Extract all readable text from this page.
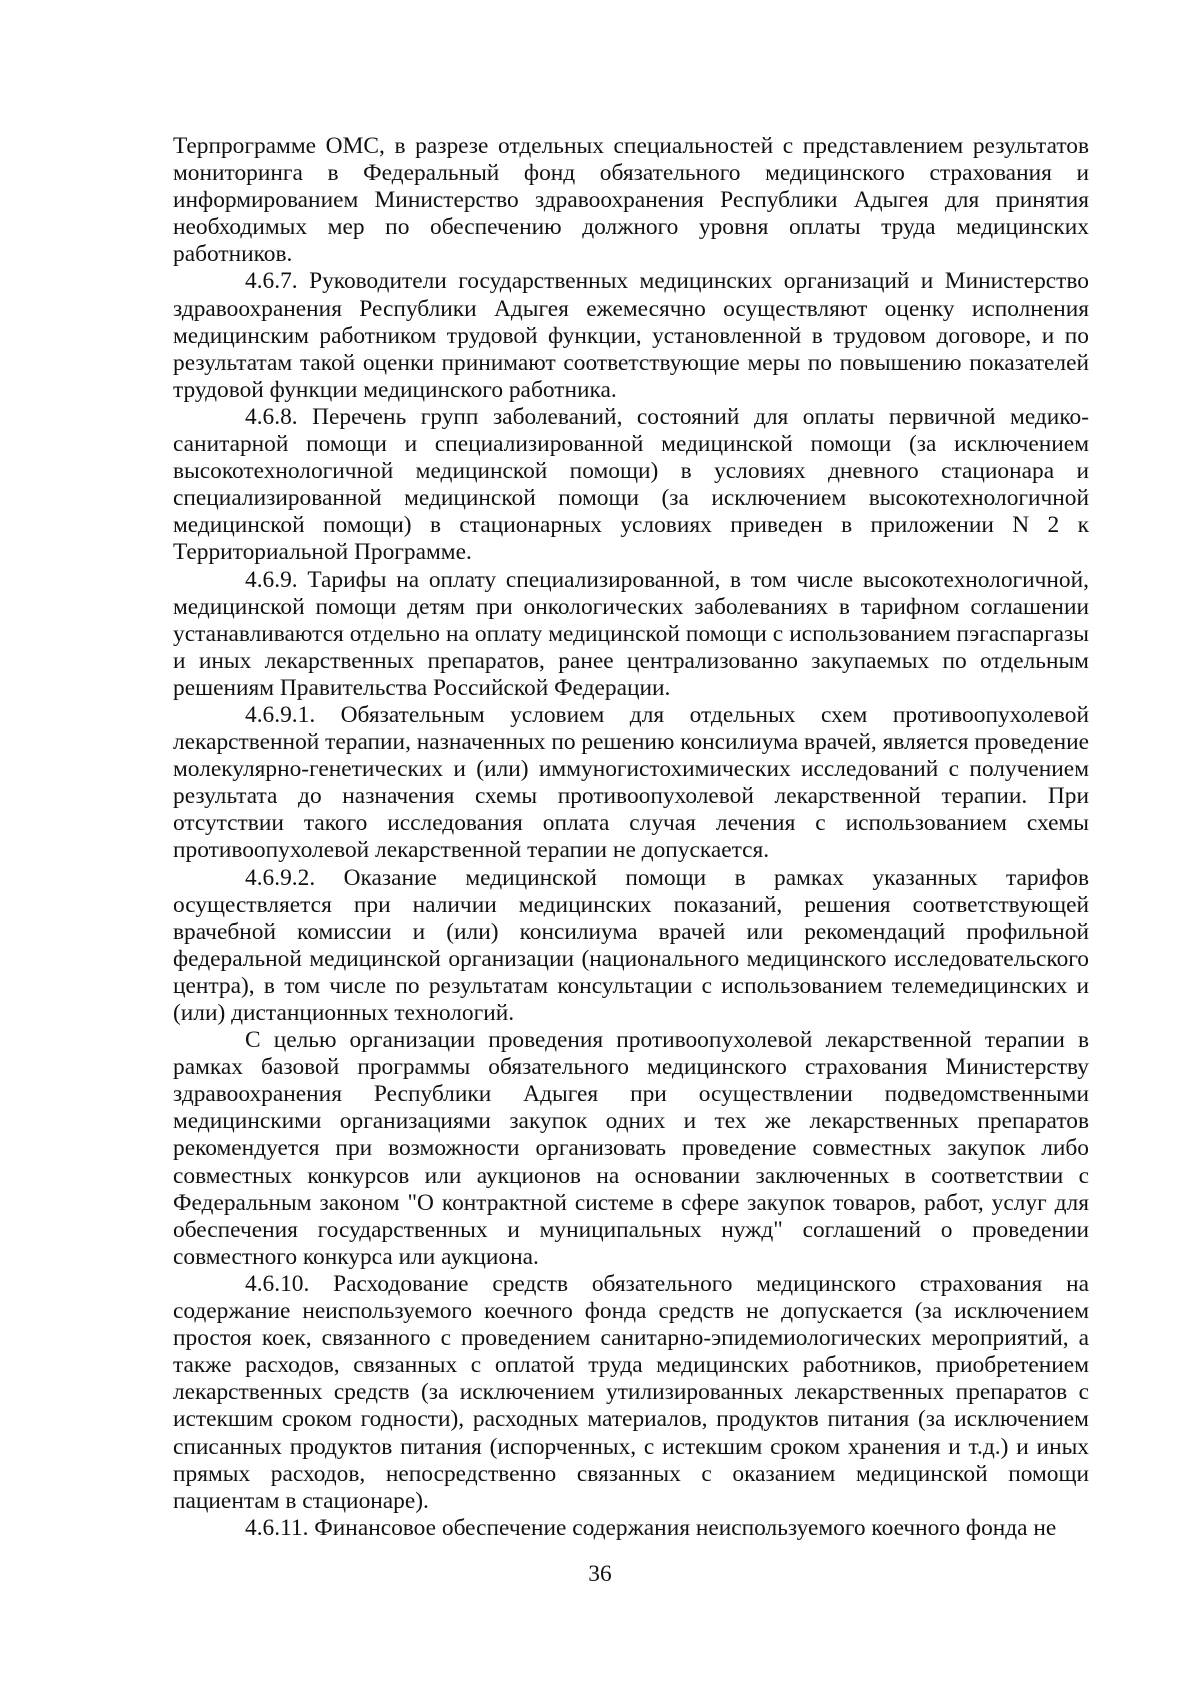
Терпрограмме ОМС, в разрезе отдельных специальностей с представлением результатов мониторинга в Федеральный фонд обязательного медицинского страхования и информированием Министерство здравоохранения Республики Адыгея для принятия необходимых мер по обеспечению должного уровня оплаты труда медицинских работников.

4.6.7. Руководители государственных медицинских организаций и Министерство здравоохранения Республики Адыгея ежемесячно осуществляют оценку исполнения медицинским работником трудовой функции, установленной в трудовом договоре, и по результатам такой оценки принимают соответствующие меры по повышению показателей трудовой функции медицинского работника.

4.6.8. Перечень групп заболеваний, состояний для оплаты первичной медико-санитарной помощи и специализированной медицинской помощи (за исключением высокотехнологичной медицинской помощи) в условиях дневного стационара и специализированной медицинской помощи (за исключением высокотехнологичной медицинской помощи) в стационарных условиях приведен в приложении N 2 к Территориальной Программе.

4.6.9. Тарифы на оплату специализированной, в том числе высокотехнологичной, медицинской помощи детям при онкологических заболеваниях в тарифном соглашении устанавливаются отдельно на оплату медицинской помощи с использованием пэгаспаргазы и иных лекарственных препаратов, ранее централизованно закупаемых по отдельным решениям Правительства Российской Федерации.

4.6.9.1. Обязательным условием для отдельных схем противоопухолевой лекарственной терапии, назначенных по решению консилиума врачей, является проведение молекулярно-генетических и (или) иммуногистохимических исследований с получением результата до назначения схемы противоопухолевой лекарственной терапии. При отсутствии такого исследования оплата случая лечения с использованием схемы противоопухолевой лекарственной терапии не допускается.

4.6.9.2. Оказание медицинской помощи в рамках указанных тарифов осуществляется при наличии медицинских показаний, решения соответствующей врачебной комиссии и (или) консилиума врачей или рекомендаций профильной федеральной медицинской организации (национального медицинского исследовательского центра), в том числе по результатам консультации с использованием телемедицинских и (или) дистанционных технологий.

С целью организации проведения противоопухолевой лекарственной терапии в рамках базовой программы обязательного медицинского страхования Министерству здравоохранения Республики Адыгея при осуществлении подведомственными медицинскими организациями закупок одних и тех же лекарственных препаратов рекомендуется при возможности организовать проведение совместных закупок либо совместных конкурсов или аукционов на основании заключенных в соответствии с Федеральным законом "О контрактной системе в сфере закупок товаров, работ, услуг для обеспечения государственных и муниципальных нужд" соглашений о проведении совместного конкурса или аукциона.

4.6.10. Расходование средств обязательного медицинского страхования на содержание неиспользуемого коечного фонда средств не допускается (за исключением простоя коек, связанного с проведением санитарно-эпидемиологических мероприятий, а также расходов, связанных с оплатой труда медицинских работников, приобретением лекарственных средств (за исключением утилизированных лекарственных препаратов с истекшим сроком годности), расходных материалов, продуктов питания (за исключением списанных продуктов питания (испорченных, с истекшим сроком хранения и т.д.) и иных прямых расходов, непосредственно связанных с оказанием медицинской помощи пациентам в стационаре).

4.6.11. Финансовое обеспечение содержания неиспользуемого коечного фонда не

36
